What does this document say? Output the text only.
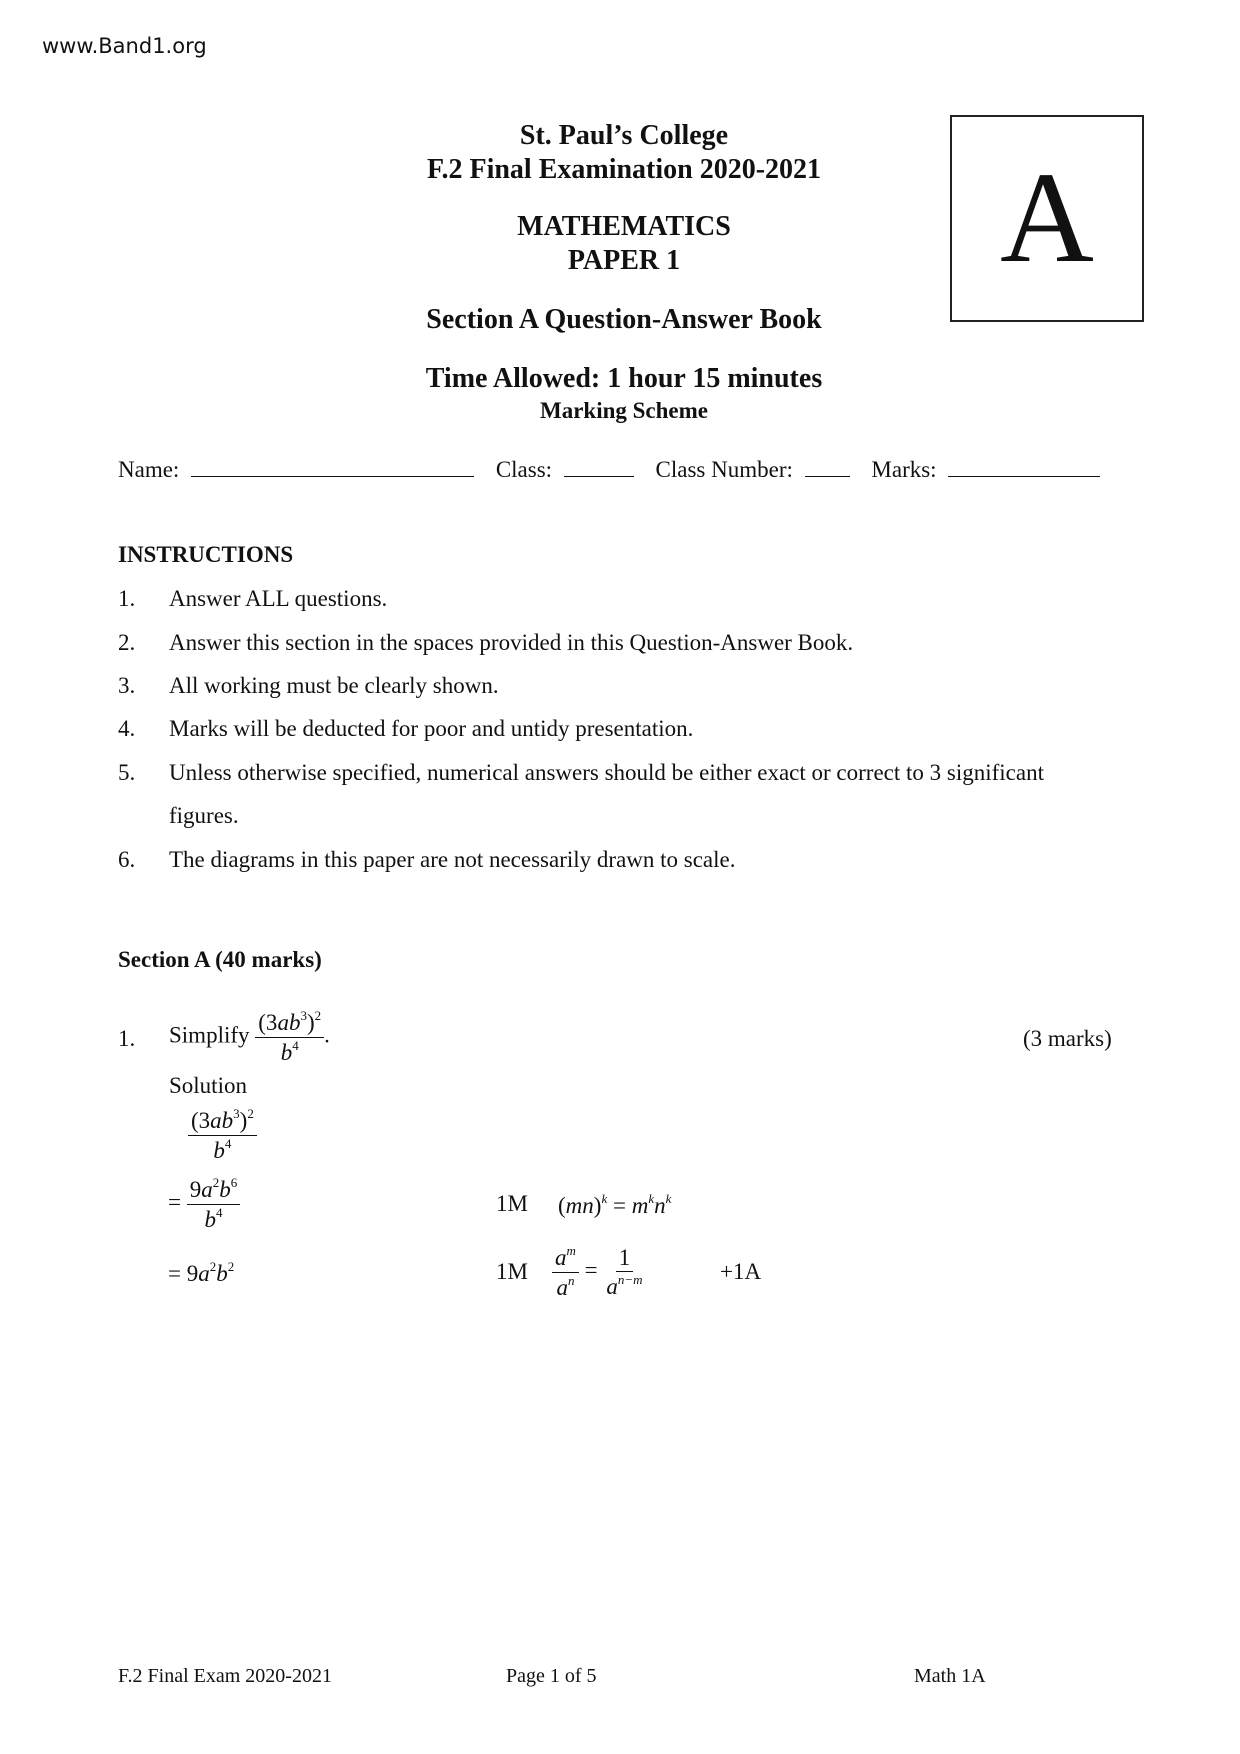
www.Band1.org
St. Paul’s College
F.2 Final Examination 2020-2021
MATHEMATICS
PAPER 1
Section A Question-Answer Book
Time Allowed: 1 hour 15 minutes
Marking Scheme
A
Name:	Class:	Class Number:	Marks:
INSTRUCTIONS
1. Answer ALL questions.
2. Answer this section in the spaces provided in this Question-Answer Book.
3. All working must be clearly shown.
4. Marks will be deducted for poor and untidy presentation.
5. Unless otherwise specified, numerical answers should be either exact or correct to 3 significant
figures.
6. The diagrams in this paper are not necessarily drawn to scale.
Section A (40 marks)
1. Simplify $\frac{(3ab^3)^2}{b^4}$ .	(3 marks)
Solution
$\frac{(3ab^3)^2}{b^4}$
= $\frac{9a^2b^6}{b^4}$	1M $(mn)^k = m^kn^k$
= $9a^2b^2$	$1M \frac{a^m}{a^n} = \frac{1}{a^{n-m}}$	+1A
F.2 Final Exam 2020-2021	Page 1 of 5	Math 1A
